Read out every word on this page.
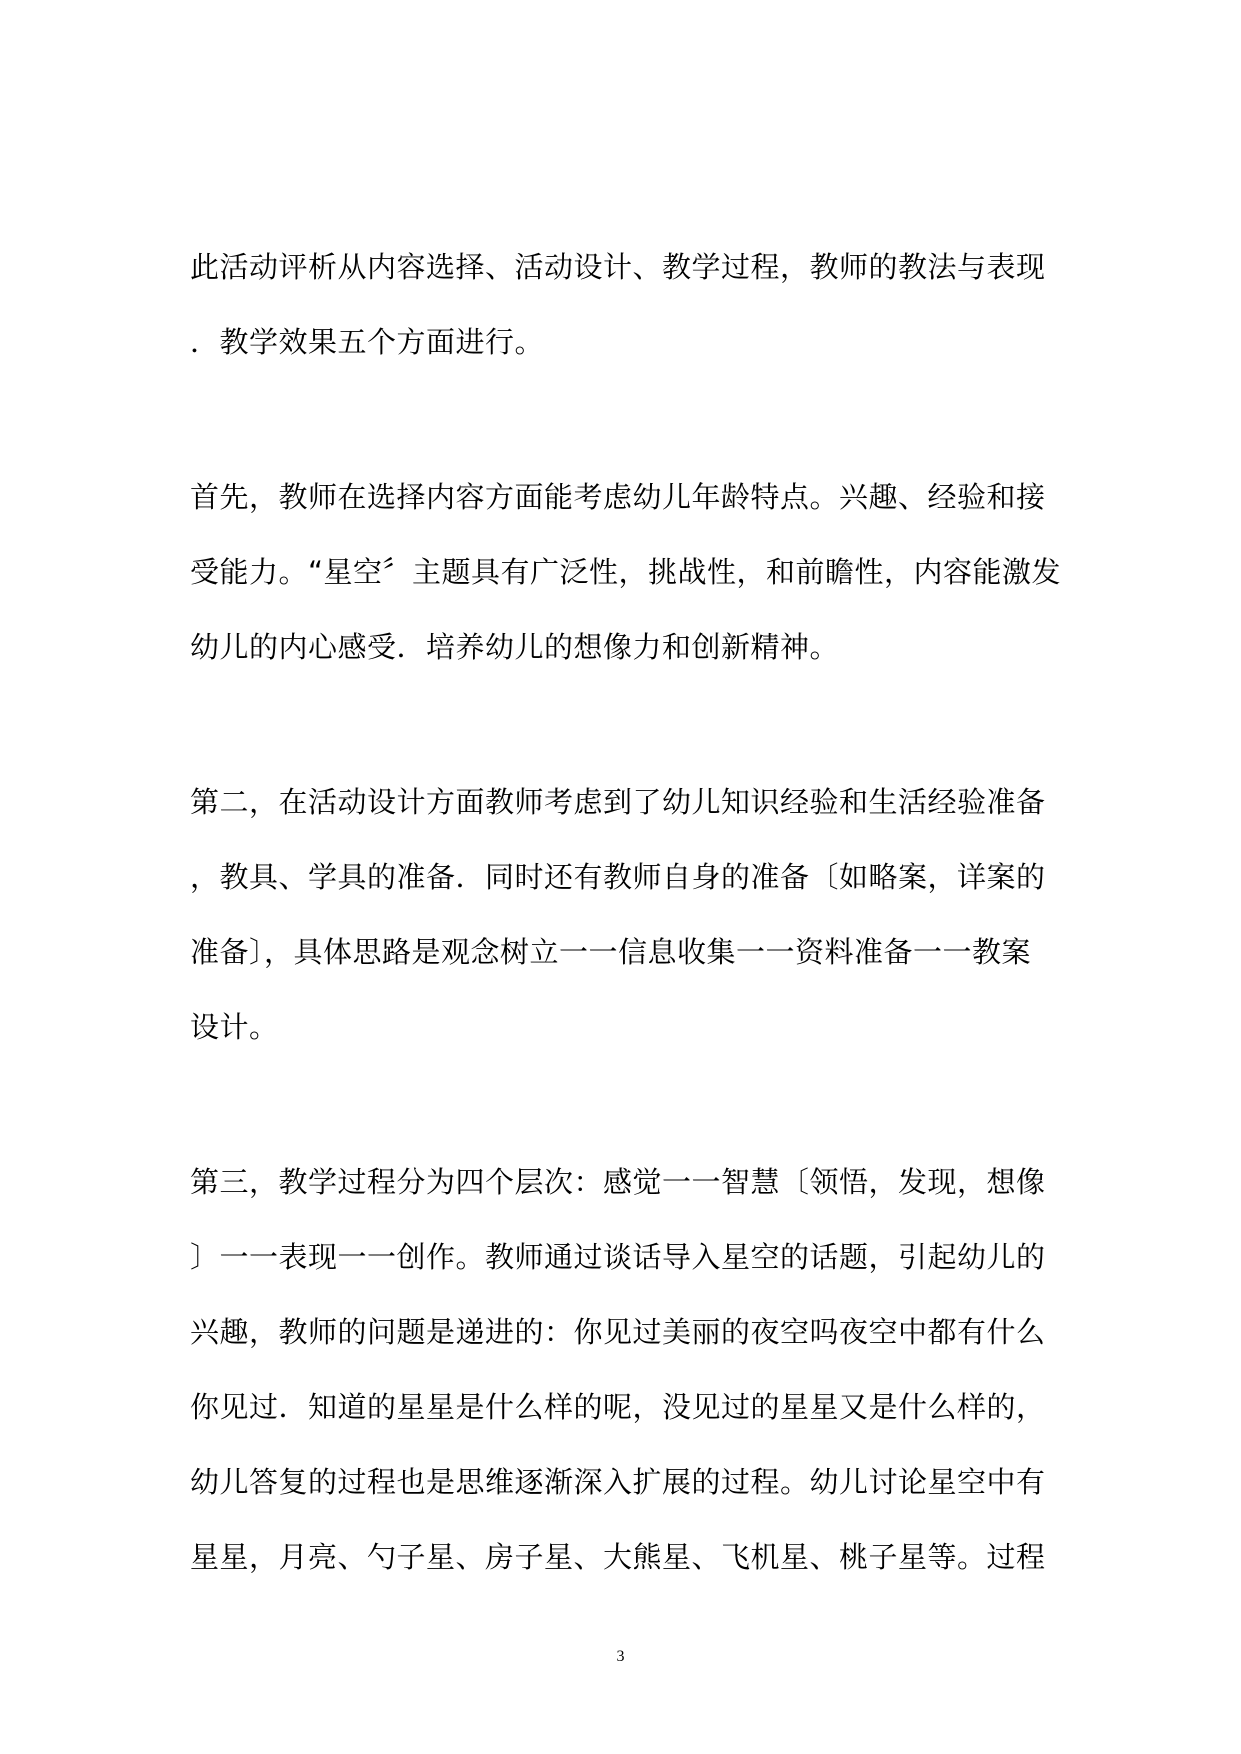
此活动评析从内容选择、活动设计、教学过程，教师的教法与表现
．教学效果五个方面进行。

首先，教师在选择内容方面能考虑幼儿年龄特点。兴趣、经验和接
受能力。“星空〞主题具有广泛性，挑战性，和前瞻性，内容能激发
幼儿的内心感受．培养幼儿的想像力和创新精神。

第二，在活动设计方面教师考虑到了幼儿知识经验和生活经验准备
，教具、学具的准备．同时还有教师自身的准备〔如略案，详案的
准备〕，具体思路是观念树立一一信息收集一一资料准备一一教案
设计。

第三，教学过程分为四个层次：感觉一一智慧〔领悟，发现，想像
〕一一表现一一创作。教师通过谈话导入星空的话题，引起幼儿的
兴趣，教师的问题是递进的：你见过美丽的夜空吗夜空中都有什么
你见过．知道的星星是什么样的呢，没见过的星星又是什么样的，
幼儿答复的过程也是思维逐渐深入扩展的过程。幼儿讨论星空中有
星星，月亮、勺子星、房子星、大熊星、飞机星、桃子星等。过程

3
